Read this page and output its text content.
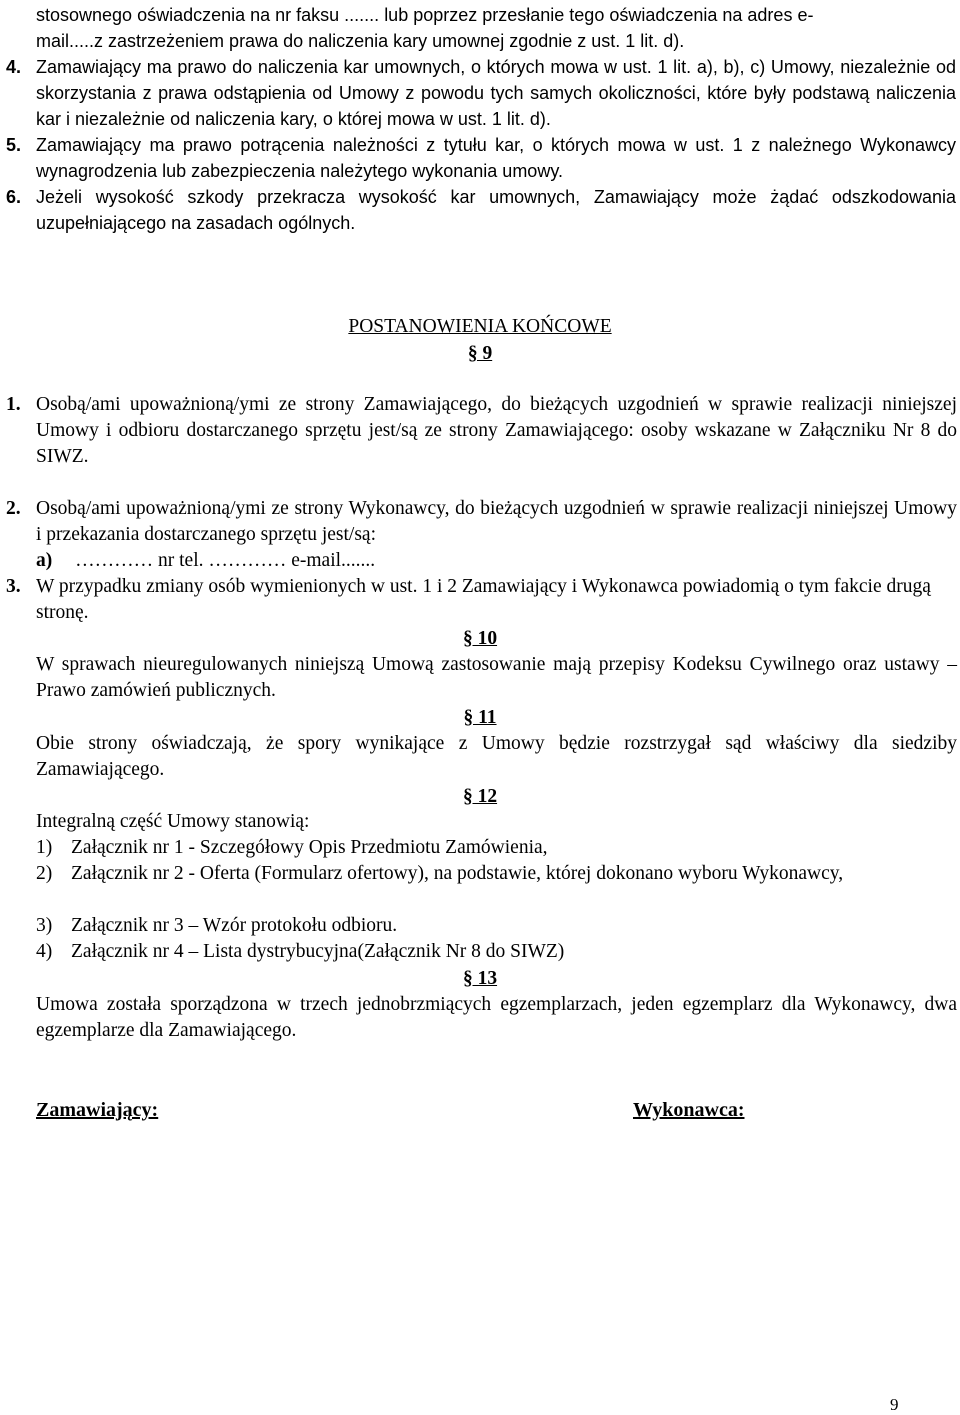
stosownego oświadczenia na nr faksu ....... lub poprzez przesłanie tego oświadczenia na adres e-
mail.....z zastrzeżeniem prawa do naliczenia kary umownej zgodnie z ust. 1 lit. d).
4. Zamawiający ma prawo do naliczenia kar umownych, o których mowa w ust. 1 lit. a), b), c) Umowy, niezależnie od skorzystania z prawa odstąpienia od Umowy z powodu tych samych okoliczności, które były podstawą naliczenia kar i niezależnie od naliczenia kary, o której mowa w ust. 1 lit. d).
5. Zamawiający ma prawo potrącenia należności z tytułu kar, o których mowa w ust. 1 z należnego Wykonawcy wynagrodzenia lub zabezpieczenia należytego wykonania umowy.
6. Jeżeli wysokość szkody przekracza wysokość kar umownych, Zamawiający może żądać odszkodowania uzupełniającego na zasadach ogólnych.
POSTANOWIENIA KOŃCOWE
§ 9
1. Osobą/ami upoważnioną/ymi ze strony Zamawiającego, do bieżących uzgodnień w sprawie realizacji niniejszej Umowy i odbioru dostarczanego sprzętu jest/są ze strony Zamawiającego: osoby wskazane w Załączniku Nr 8 do SIWZ.
2. Osobą/ami upoważnioną/ymi ze strony Wykonawcy, do bieżących uzgodnień w sprawie realizacji niniejszej Umowy i przekazania dostarczanego sprzętu jest/są:
a) ………… nr tel. ………… e-mail.......
3. W przypadku zmiany osób wymienionych w ust. 1 i 2 Zamawiający i Wykonawca powiadomią o tym fakcie drugą stronę.
§ 10
W sprawach nieuregulowanych niniejszą Umową zastosowanie mają przepisy Kodeksu Cywilnego oraz ustawy – Prawo zamówień publicznych.
§ 11
Obie strony oświadczają, że spory wynikające z Umowy będzie rozstrzygał sąd właściwy dla siedziby Zamawiającego.
§ 12
Integralną część Umowy stanowią:
1) Załącznik nr 1 - Szczegółowy Opis Przedmiotu Zamówienia,
2) Załącznik nr 2 - Oferta (Formularz ofertowy), na podstawie, której dokonano wyboru Wykonawcy,
3) Załącznik nr 3 – Wzór protokołu odbioru.
4) Załącznik nr 4 – Lista dystrybucyjna(Załącznik Nr 8 do SIWZ)
§ 13
Umowa została sporządzona w trzech jednobrzmiących egzemplarzach, jeden egzemplarz dla Wykonawcy, dwa egzemplarze dla Zamawiającego.
Zamawiający:	Wykonawca:
9
